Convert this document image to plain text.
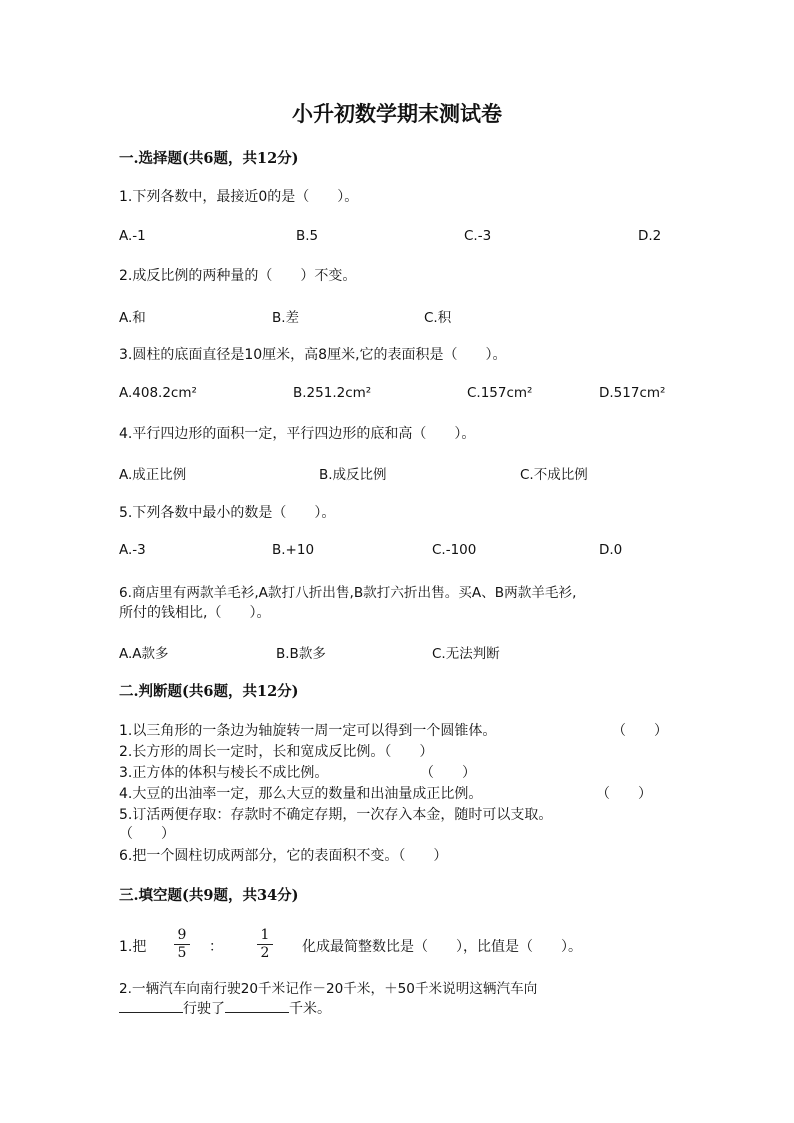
小升初数学期末测试卷
一.选择题(共6题，共12分)
1.下列各数中，最接近0的是（　　）。
A.-1	B.5	C.-3	D.2
2.成反比例的两种量的（　　）不变。
A.和	B.差	C.积
3.圆柱的底面直径是10厘米，高8厘米,它的表面积是（　　）。
A.408.2cm²	B.251.2cm²	C.157cm²	D.517cm²
4.平行四边形的面积一定，平行四边形的底和高（　　）。
A.成正比例	B.成反比例	C.不成比例
5.下列各数中最小的数是（　　）。
A.-3	B.+10	C.-100	D.0
6.商店里有两款羊毛衫,A款打八折出售,B款打六折出售。买A、B两款羊毛衫,
所付的钱相比,（　　）。
A.A款多	B.B款多	C.无法判断
二.判断题(共6题，共12分)
1.以三角形的一条边为轴旋转一周一定可以得到一个圆锥体。	（　　）
2.长方形的周长一定时，长和宽成反比例。（　　）
3.正方体的体积与棱长不成比例。	（　　）
4.大豆的出油率一定，那么大豆的数量和出油量成正比例。	（　　）
5.订活两便存取：存款时不确定存期，一次存入本金，随时可以支取。
（　　）
6.把一个圆柱切成两部分，它的表面积不变。（　　）
三.填空题(共9题，共34分)
1.把
9
5 ：
1
2 化成最简整数比是（　　），比值是（　　）。
2.一辆汽车向南行驶20千米记作－20千米，＋50千米说明这辆汽车向
行驶了	千米。
